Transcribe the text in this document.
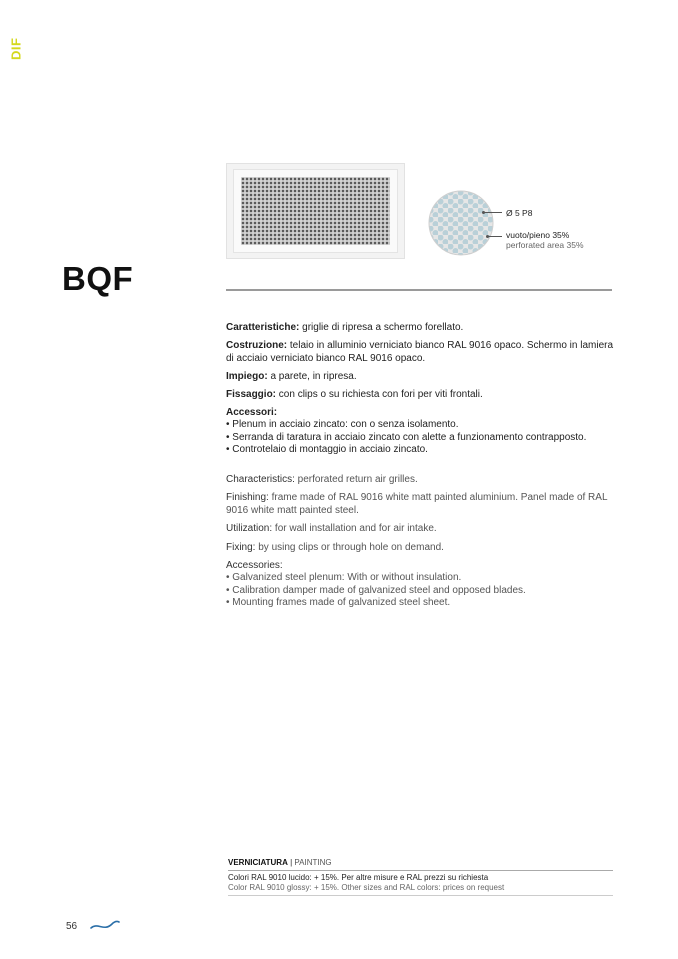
DIF
BQF
Ø 5 P8
vuoto/pieno 35%
perforated area 35%
Caratteristiche: griglie di ripresa a schermo forellato.
Costruzione: telaio in alluminio verniciato bianco RAL 9016 opaco. Schermo in lamiera di acciaio verniciato bianco RAL 9016 opaco.
Impiego: a parete, in ripresa.
Fissaggio: con clips o su richiesta con fori per viti frontali.
Accessori:
• Plenum in acciaio zincato: con o senza isolamento.
• Serranda di taratura in acciaio zincato con alette a funzionamento contrapposto.
• Controtelaio di montaggio in acciaio zincato.
Characteristics: perforated return air grilles.
Finishing: frame made of RAL 9016 white matt painted aluminium. Panel made of RAL 9016 white matt painted steel.
Utilization: for wall installation and for air intake.
Fixing: by using clips or through hole on demand.
Accessories:
• Galvanized steel plenum: With or without insulation.
• Calibration damper made of galvanized steel and opposed blades.
• Mounting frames made of galvanized steel sheet.
VERNICIATURA | PAINTING
Colori RAL 9010 lucido: + 15%. Per altre misure e RAL prezzi su richiesta
Color RAL 9010 glossy: + 15%. Other sizes and RAL colors: prices on request
56
